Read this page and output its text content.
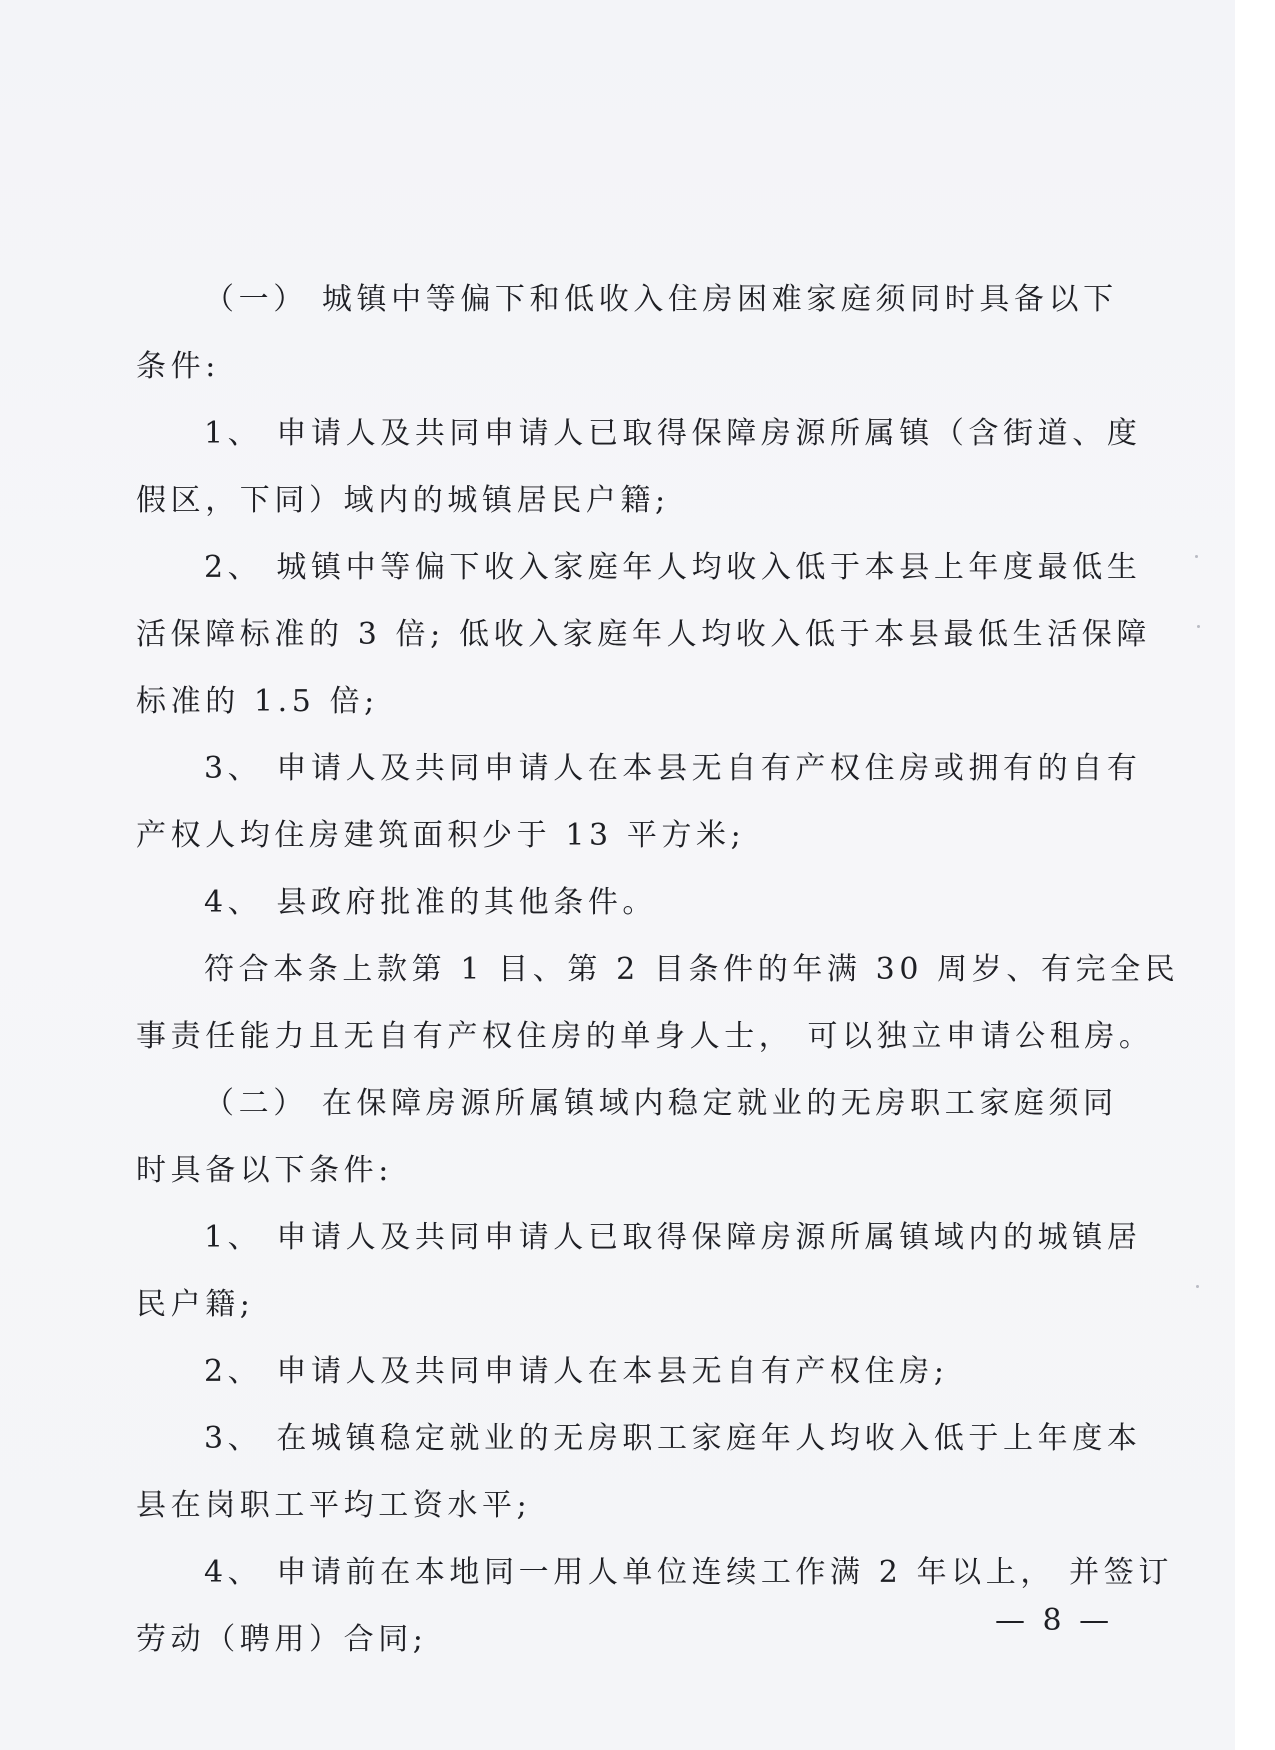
（一） 城镇中等偏下和低收入住房困难家庭须同时具备以下
条件:
1、 申请人及共同申请人已取得保障房源所属镇（含街道、度
假区，下同）域内的城镇居民户籍;
2、 城镇中等偏下收入家庭年人均收入低于本县上年度最低生
活保障标准的 3 倍; 低收入家庭年人均收入低于本县最低生活保障
标准的 1.5 倍;
3、 申请人及共同申请人在本县无自有产权住房或拥有的自有
产权人均住房建筑面积少于 13 平方米;
4、 县政府批准的其他条件。
符合本条上款第 1 目、第 2 目条件的年满 30 周岁、有完全民
事责任能力且无自有产权住房的单身人士， 可以独立申请公租房。
（二） 在保障房源所属镇域内稳定就业的无房职工家庭须同
时具备以下条件:
1、 申请人及共同申请人已取得保障房源所属镇域内的城镇居
民户籍;
2、 申请人及共同申请人在本县无自有产权住房;
3、 在城镇稳定就业的无房职工家庭年人均收入低于上年度本
县在岗职工平均工资水平;
4、 申请前在本地同一用人单位连续工作满 2 年以上， 并签订
劳动（聘用）合同;
— 8 —
